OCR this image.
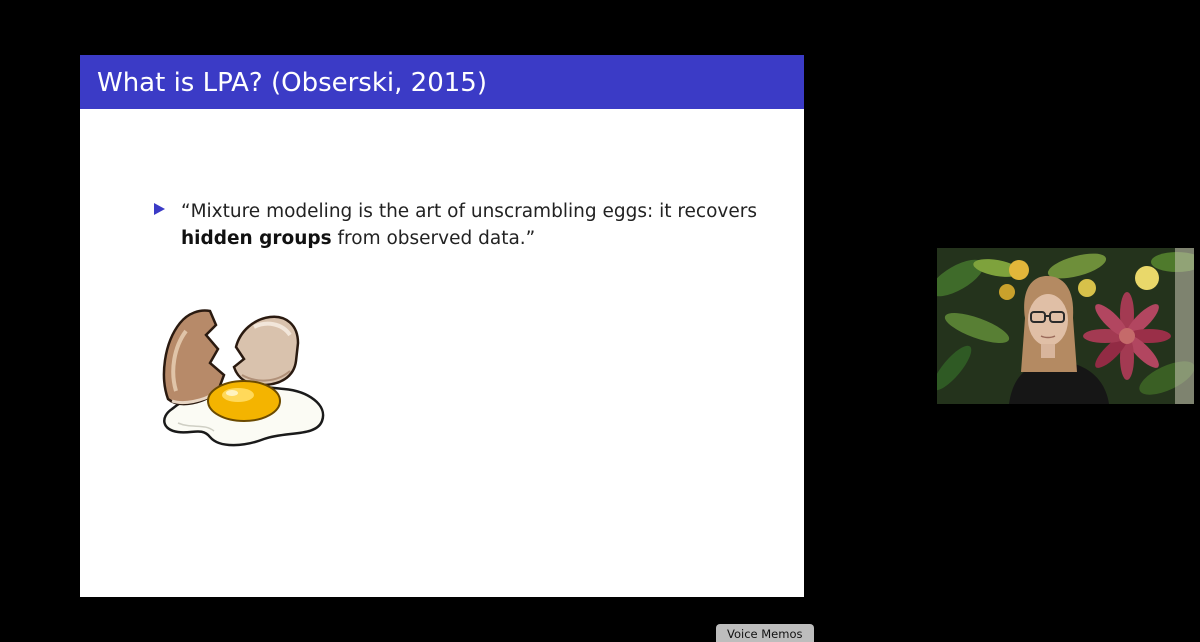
What is LPA? (Obserski, 2015)
“Mixture modeling is the art of unscrambling eggs: it recovers
hidden groups from observed data.”
Voice Memos
